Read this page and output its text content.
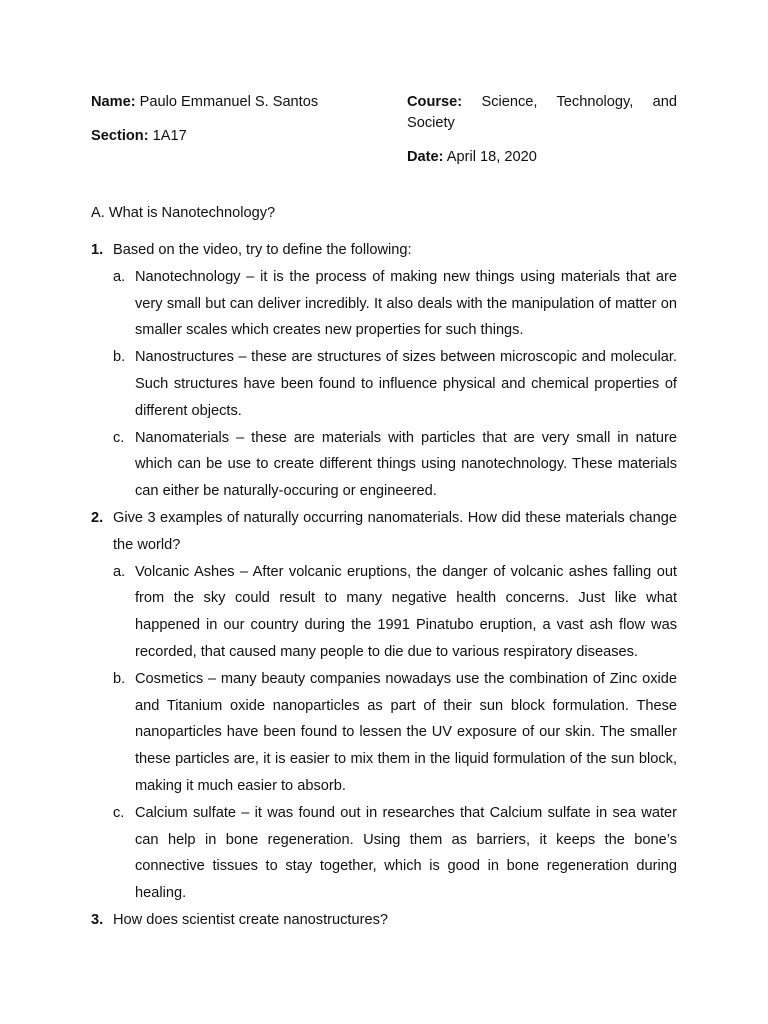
Name: Paulo Emmanuel S. Santos

Section: 1A17

Course: Science, Technology, and Society

Date: April 18, 2020

A. What is Nanotechnology?

1. Based on the video, try to define the following:
a. Nanotechnology – it is the process of making new things using materials that are very small but can deliver incredibly. It also deals with the manipulation of matter on smaller scales which creates new properties for such things.
b. Nanostructures – these are structures of sizes between microscopic and molecular. Such structures have been found to influence physical and chemical properties of different objects.
c. Nanomaterials – these are materials with particles that are very small in nature which can be use to create different things using nanotechnology. These materials can either be naturally-occuring or engineered.
2. Give 3 examples of naturally occurring nanomaterials. How did these materials change the world?
a. Volcanic Ashes – After volcanic eruptions, the danger of volcanic ashes falling out from the sky could result to many negative health concerns. Just like what happened in our country during the 1991 Pinatubo eruption, a vast ash flow was recorded, that caused many people to die due to various respiratory diseases.
b. Cosmetics – many beauty companies nowadays use the combination of Zinc oxide and Titanium oxide nanoparticles as part of their sun block formulation. These nanoparticles have been found to lessen the UV exposure of our skin. The smaller these particles are, it is easier to mix them in the liquid formulation of the sun block, making it much easier to absorb.
c. Calcium sulfate – it was found out in researches that Calcium sulfate in sea water can help in bone regeneration. Using them as barriers, it keeps the bone’s connective tissues to stay together, which is good in bone regeneration during healing.
3. How does scientist create nanostructures?
